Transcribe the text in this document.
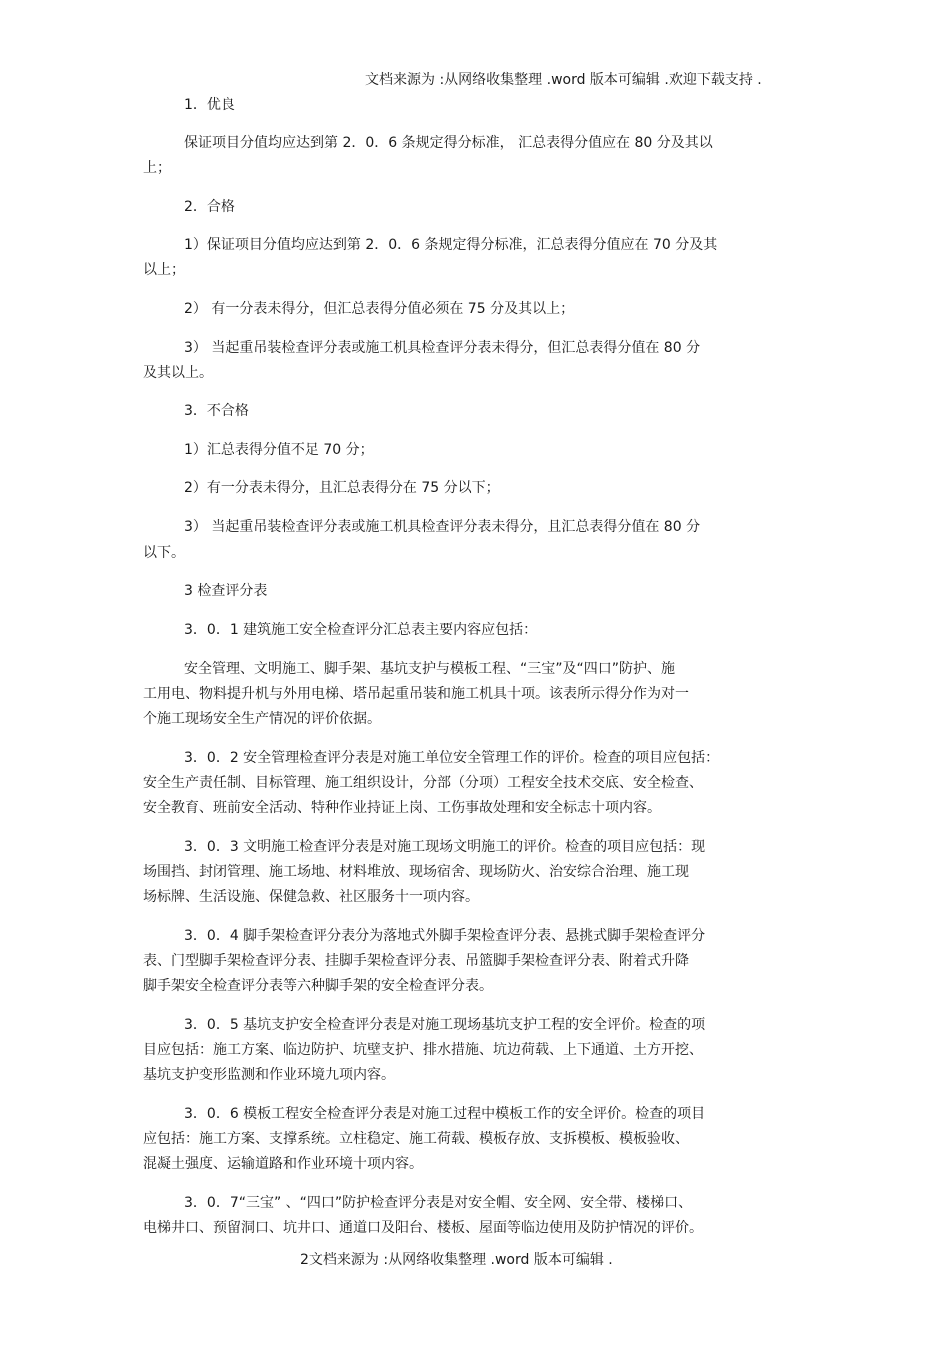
文档来源为 :从网络收集整理 .word 版本可编辑 .欢迎下载支持 .
1．优良
保证项目分值均应达到第 2．0．6 条规定得分标准， 汇总表得分值应在 80 分及其以
上；
2．合格
1）保证项目分值均应达到第 2．0．6 条规定得分标准，汇总表得分值应在 70 分及其
以上；
2） 有一分表未得分，但汇总表得分值必须在 75 分及其以上；
3） 当起重吊装检查评分表或施工机具检查评分表未得分，但汇总表得分值在 80 分
及其以上。
3．不合格
1）汇总表得分值不足 70 分；
2）有一分表未得分，且汇总表得分在 75 分以下；
3） 当起重吊装检查评分表或施工机具检查评分表未得分，且汇总表得分值在 80 分
以下。
3 检查评分表
3．0．1 建筑施工安全检查评分汇总表主要内容应包括：
安全管理、文明施工、脚手架、基坑支护与模板工程、“三宝”及“四口”防护、施
工用电、物料提升机与外用电梯、塔吊起重吊装和施工机具十项。该表所示得分作为对一
个施工现场安全生产情况的评价依据。
3．0．2 安全管理检查评分表是对施工单位安全管理工作的评价。检查的项目应包括：
安全生产责任制、目标管理、施工组织设计，分部（分项）工程安全技术交底、安全检查、
安全教育、班前安全活动、特种作业持证上岗、工伤事故处理和安全标志十项内容。
3．0．3 文明施工检查评分表是对施工现场文明施工的评价。检查的项目应包括：现
场围挡、封闭管理、施工场地、材料堆放、现场宿舍、现场防火、治安综合治理、施工现
场标牌、生活设施、保健急救、社区服务十一项内容。
3．0．4 脚手架检查评分表分为落地式外脚手架检查评分表、悬挑式脚手架检查评分
表、门型脚手架检查评分表、挂脚手架检查评分表、吊篮脚手架检查评分表、附着式升降
脚手架安全检查评分表等六种脚手架的安全检查评分表。
3．0．5 基坑支护安全检查评分表是对施工现场基坑支护工程的安全评价。检查的项
目应包括：施工方案、临边防护、坑壁支护、排水措施、坑边荷载、上下通道、土方开挖、
基坑支护变形监测和作业环境九项内容。
3．0．6 模板工程安全检查评分表是对施工过程中模板工作的安全评价。检查的项目
应包括：施工方案、支撑系统。立柱稳定、施工荷载、模板存放、支拆模板、模板验收、
混凝土强度、运输道路和作业环境十项内容。
3．0．7“三宝” 、“四口”防护检查评分表是对安全帽、安全网、安全带、楼梯口、
电梯井口、预留洞口、坑井口、通道口及阳台、楼板、屋面等临边使用及防护情况的评价。
2文档来源为 :从网络收集整理 .word 版本可编辑 .
